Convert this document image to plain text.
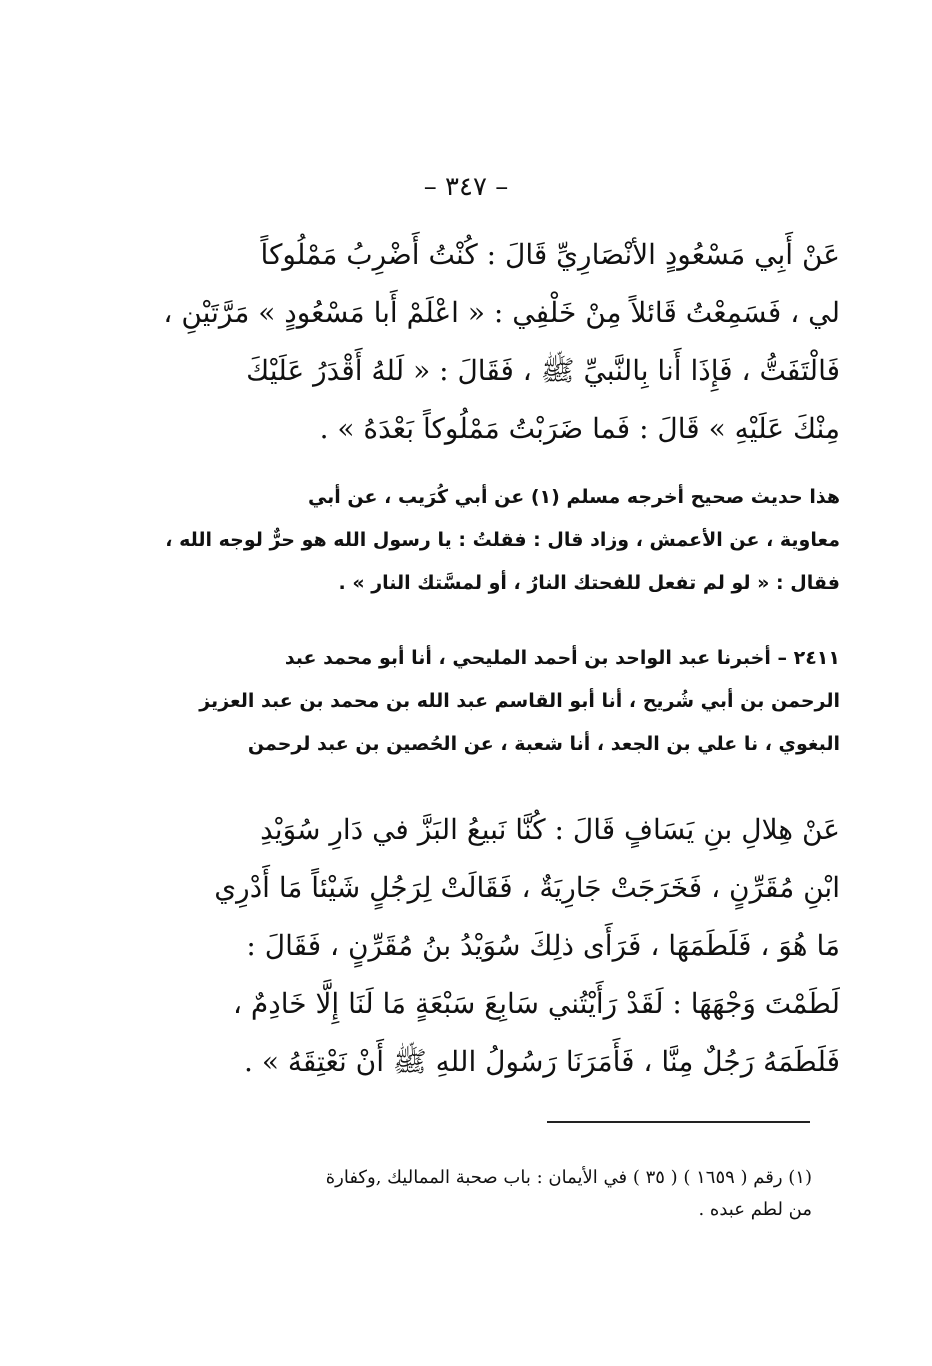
– ٣٤٧ –
عَنْ أَبِي مَسْعُودٍ الأنْصَارِيِّ قَالَ : كُنْتُ أَضْرِبُ مَمْلُوكاً
لي ، فَسَمِعْتُ قَائلاً مِنْ خَلْفِي : « اعْلَمْ أَبا مَسْعُودٍ » مَرَّتَيْنِ ،
فَالْتَفَتُّ ، فَإِذَا أَنا بِالنَّبيِّ ﷺ ، فَقَالَ : « لَلهُ أَقْدَرُ عَلَيْكَ
مِنْكَ عَلَيْهِ » قَالَ : فَما ضَرَبْتُ مَمْلُوكاً بَعْدَهُ » .
هذا حديث صحيح أخرجه مسلم (١) عن أبي كُرَيب ، عن أبي
معاوية ، عن الأعمش ، وزاد قال : فقلتُ : يا رسول الله هو حرٌّ لوجه الله ،
فقال : « لو لم تفعل للفحتك النارُ ، أو لمسَّتك النار » .
٢٤١١ – أخبرنا عبد الواحد بن أحمد المليحي ، أنا أبو محمد عبد
الرحمن بن أبي شُريح ، أنا أبو القاسم عبد الله بن محمد بن عبد العزيز
البغوي ، نا علي بن الجعد ، أنا شعبة ، عن الحُصين بن عبد لرحمن
عَنْ هِلالِ بنِ يَسَافٍ قَالَ : كُنَّا نَبيعُ البَزَّ في دَارِ سُوَيْدِ
ابْنِ مُقَرِّنٍ ، فَخَرَجَتْ جَارِيَةٌ ، فَقَالَتْ لِرَجُلٍ شَيْئاً مَا أَدْرِي
مَا هُوَ ، فَلَطَمَهَا ، فَرَأَى ذلِكَ سُوَيْدُ بنُ مُقَرِّنٍ ، فَقَالَ :
لَطَمْتَ وَجْهَهَا : لَقَدْ رَأَيْتُني سَابِعَ سَبْعَةٍ مَا لَنَا إِلَّا خَادِمٌ ،
فَلَطَمَهُ رَجُلٌ مِنَّا ، فَأَمَرَنَا رَسُولُ اللهِ ﷺ أَنْ نَعْتِقَهُ » .
(١) رقم ( ١٦٥٩ ) ( ٣٥ ) في الأيمان : باب صحبة المماليك ,وكفارة
من لطم عبده .
